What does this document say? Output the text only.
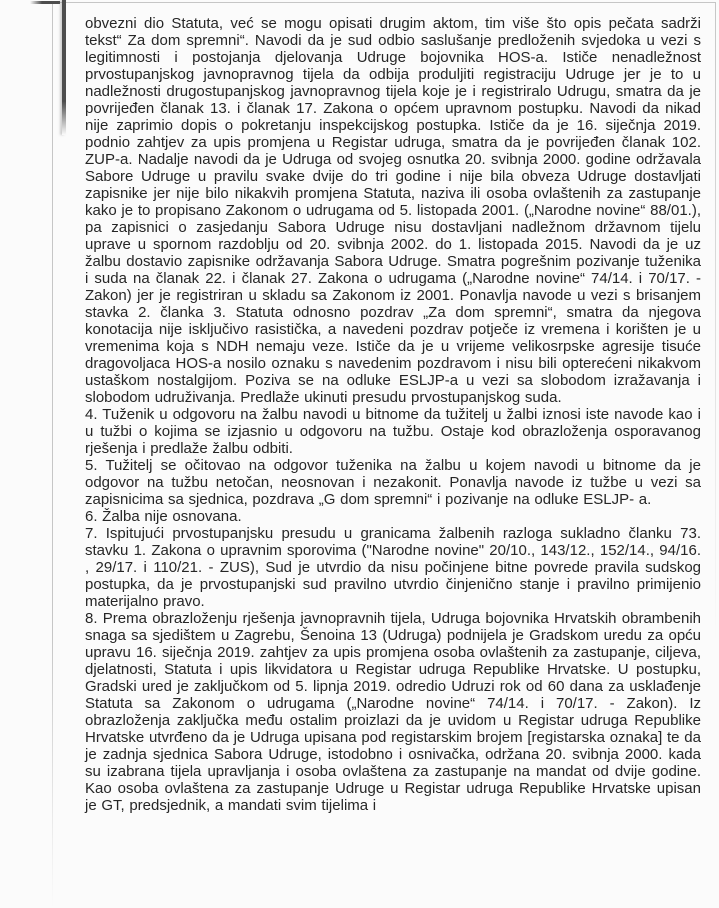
obvezni dio Statuta, već se mogu opisati drugim aktom, tim više što opis pečata sadrži tekst“ Za dom spremni“. Navodi da je sud odbio saslušanje predloženih svjedoka u vezi s legitimnosti i postojanja djelovanja Udruge bojovnika HOS-a. Ističe nenadležnost prvostupanjskog javnopravnog tijela da odbija produljiti registraciju Udruge jer je to u nadležnosti drugostupanjskog javnopravnog tijela koje je i registriralo Udrugu, smatra da je povrijeđen članak 13. i članak 17. Zakona o općem upravnom postupku. Navodi da nikad nije zaprimio dopis o pokretanju inspekcijskog postupka. Ističe da je 16. siječnja 2019. podnio zahtjev za upis promjena u Registar udruga, smatra da je povrijeđen članak 102. ZUP-a. Nadalje navodi da je Udruga od svojeg osnutka 20. svibnja 2000. godine održavala Sabore Udruge u pravilu svake dvije do tri godine i nije bila obveza Udruge dostavljati zapisnike jer nije bilo nikakvih promjena Statuta, naziva ili osoba ovlaštenih za zastupanje kako je to propisano Zakonom o udrugama od 5. listopada 2001. („Narodne novine“ 88/01.), pa zapisnici o zasjedanju Sabora Udruge nisu dostavljani nadležnom državnom tijelu uprave u spornom razdoblju od 20. svibnja 2002. do 1. listopada 2015. Navodi da je uz žalbu dostavio zapisnike održavanja Sabora Udruge. Smatra pogrešnim pozivanje tuženika i suda na članak 22. i članak 27. Zakona o udrugama („Narodne novine“ 74/14. i 70/17. -Zakon) jer je registriran u skladu sa Zakonom iz 2001. Ponavlja navode u vezi s brisanjem stavka 2. članka 3. Statuta odnosno pozdrav „Za dom spremni“, smatra da njegova konotacija nije isključivo rasistička, a navedeni pozdrav potječe iz vremena i korišten je u vremenima koja s NDH nemaju veze. Ističe da je u vrijeme velikosrpske agresije tisuće dragovoljaca HOS-a nosilo oznaku s navedenim pozdravom i nisu bili opterećeni nikakvom ustaškom nostalgijom. Poziva se na odluke ESLJP-a u vezi sa slobodom izražavanja i slobodom udruživanja. Predlaže ukinuti presudu prvostupanjskog suda.

4. Tuženik u odgovoru na žalbu navodi u bitnome da tužitelj u žalbi iznosi iste navode kao i u tužbi o kojima se izjasnio u odgovoru na tužbu. Ostaje kod obrazloženja osporavanog rješenja i predlaže žalbu odbiti.

5. Tužitelj se očitovao na odgovor tuženika na žalbu u kojem navodi u bitnome da je odgovor na tužbu netočan, neosnovan i nezakonit. Ponavlja navode iz tužbe u vezi sa zapisnicima sa sjednica, pozdrava „G dom spremni“ i pozivanje na odluke ESLJP- a.

6. Žalba nije osnovana.

7. Ispitujući prvostupanjsku presudu u granicama žalbenih razloga sukladno članku 73. stavku 1. Zakona o upravnim sporovima ("Narodne novine" 20/10., 143/12., 152/14., 94/16. , 29/17. i 110/21. - ZUS), Sud je utvrdio da nisu počinjene bitne povrede pravila sudskog postupka, da je prvostupanjski sud pravilno utvrdio činjenično stanje i pravilno primijenio materijalno pravo.

8. Prema obrazloženju rješenja javnopravnih tijela, Udruga bojovnika Hrvatskih obrambenih snaga sa sjedištem u Zagrebu, Šenoina 13 (Udruga) podnijela je Gradskom uredu za opću upravu 16. siječnja 2019. zahtjev za upis promjena osoba ovlaštenih za zastupanje, ciljeva, djelatnosti, Statuta i upis likvidatora u Registar udruga Republike Hrvatske. U postupku, Gradski ured je zaključkom od 5. lipnja 2019. odredio Udruzi rok od 60 dana za usklađenje Statuta sa Zakonom o udrugama („Narodne novine“ 74/14. i 70/17. - Zakon). Iz obrazloženja zaključka među ostalim proizlazi da je uvidom u Registar udruga Republike Hrvatske utvrđeno da je Udruga upisana pod registarskim brojem [registarska oznaka] te da je zadnja sjednica Sabora Udruge, istodobno i osnivačka, održana 20. svibnja 2000. kada su izabrana tijela upravljanja i osoba ovlaštena za zastupanje na mandat od dvije godine. Kao osoba ovlaštena za zastupanje Udruge u Registar udruga Republike Hrvatske upisan je GT, predsjednik, a mandati svim tijelima i
